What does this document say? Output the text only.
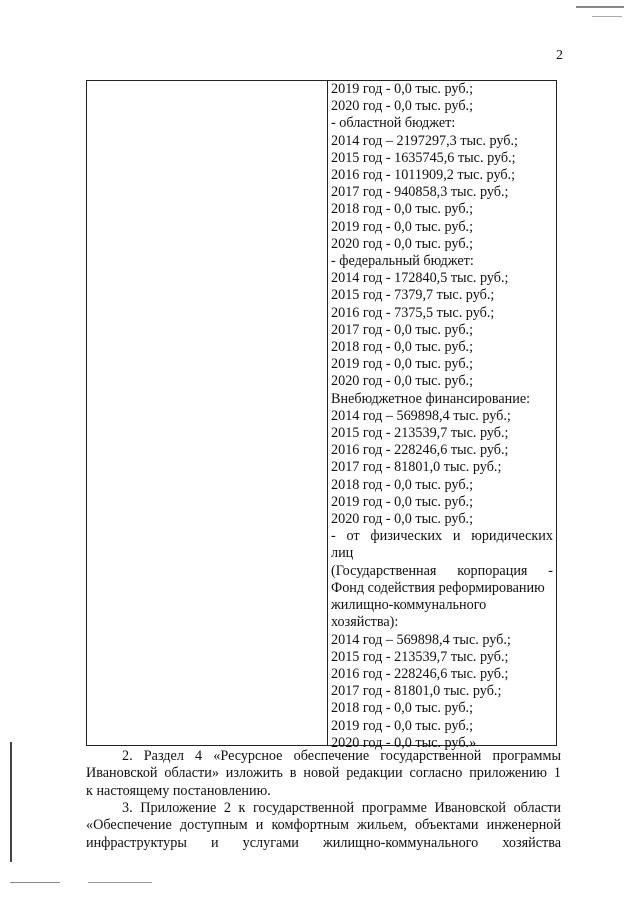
2
2019 год - 0,0 тыс. руб.;
2020 год - 0,0 тыс. руб.;
- областной бюджет:
2014 год – 2197297,3 тыс. руб.;
2015 год - 1635745,6 тыс. руб.;
2016 год - 1011909,2 тыс. руб.;
2017 год - 940858,3 тыс. руб.;
2018 год - 0,0 тыс. руб.;
2019 год - 0,0 тыс. руб.;
2020 год - 0,0 тыс. руб.;
- федеральный бюджет:
2014 год - 172840,5 тыс. руб.;
2015 год - 7379,7 тыс. руб.;
2016 год - 7375,5 тыс. руб.;
2017 год - 0,0 тыс. руб.;
2018 год - 0,0 тыс. руб.;
2019 год - 0,0 тыс. руб.;
2020 год - 0,0 тыс. руб.;
Внебюджетное финансирование:
2014 год – 569898,4 тыс. руб.;
2015 год - 213539,7 тыс. руб.;
2016 год - 228246,6 тыс. руб.;
2017 год - 81801,0 тыс. руб.;
2018 год - 0,0 тыс. руб.;
2019 год - 0,0 тыс. руб.;
2020 год - 0,0 тыс. руб.;
- от физических и юридических
лиц
(Государственная корпорация -
Фонд содействия реформированию
жилищно-коммунального
хозяйства):
2014 год – 569898,4 тыс. руб.;
2015 год - 213539,7 тыс. руб.;
2016 год - 228246,6 тыс. руб.;
2017 год - 81801,0 тыс. руб.;
2018 год - 0,0 тыс. руб.;
2019 год - 0,0 тыс. руб.;
2020 год - 0,0 тыс. руб.»
2. Раздел 4 «Ресурсное обеспечение государственной программы
Ивановской области» изложить в новой редакции согласно приложению 1
к настоящему постановлению.
3. Приложение 2 к государственной программе Ивановской области
«Обеспечение доступным и комфортным жильем, объектами инженерной
инфраструктуры и услугами жилищно-коммунального хозяйства
